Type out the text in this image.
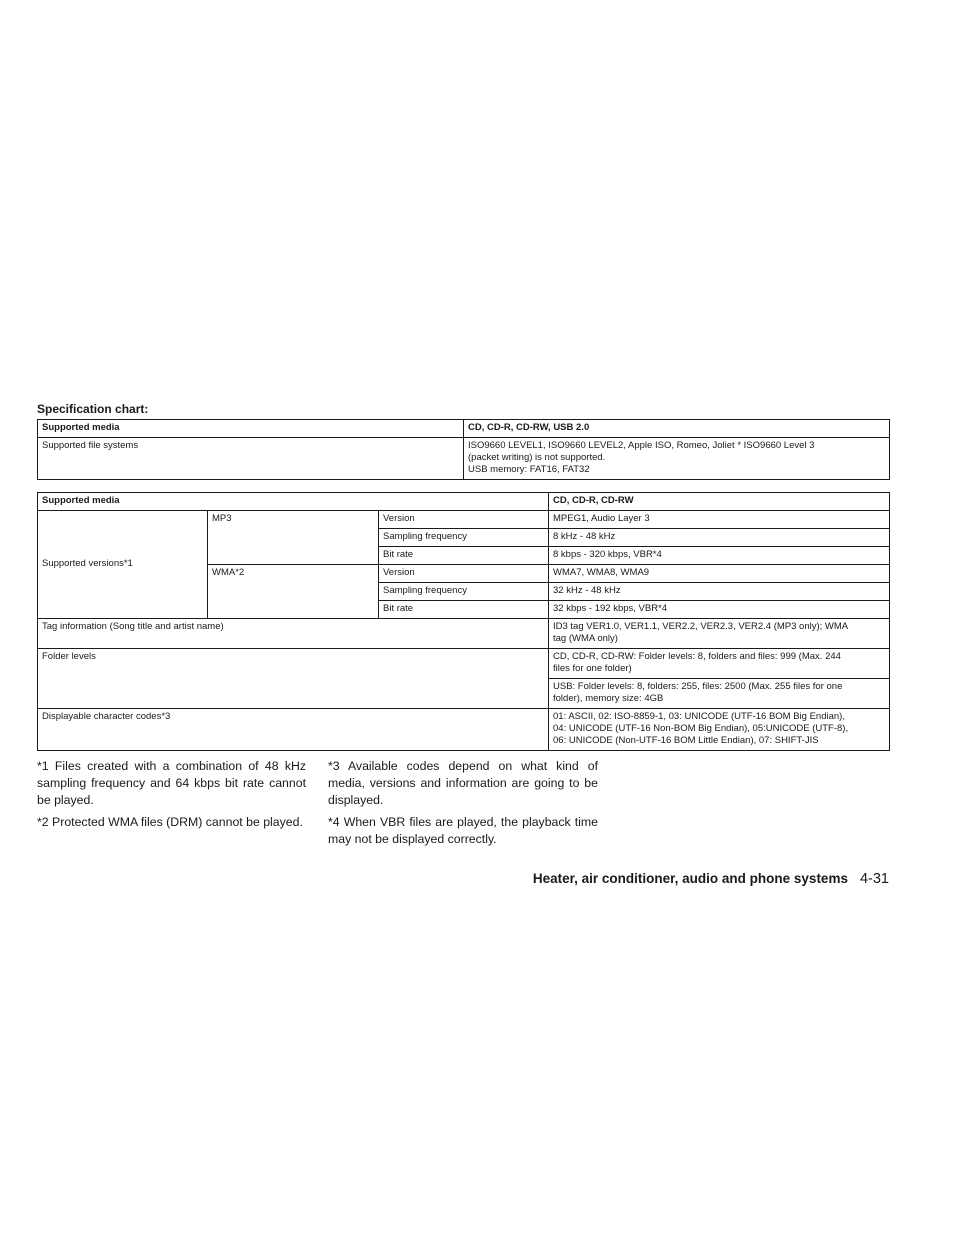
Specification chart:
Supported media	CD, CD-R, CD-RW, USB 2.0
Supported file systems	ISO9660 LEVEL1, ISO9660 LEVEL2, Apple ISO, Romeo, Joliet * ISO9660 Level 3
(packet writing) is not supported.
USB memory: FAT16, FAT32
Supported media			CD, CD-R, CD-RW
Supported versions*1	MP3	Version	MPEG1, Audio Layer 3
		Sampling frequency	8 kHz - 48 kHz
		Bit rate	8 kbps - 320 kbps, VBR*4
	WMA*2	Version	WMA7, WMA8, WMA9
		Sampling frequency	32 kHz - 48 kHz
		Bit rate	32 kbps - 192 kbps, VBR*4
Tag information (Song title and artist name)			ID3 tag VER1.0, VER1.1, VER2.2, VER2.3, VER2.4 (MP3 only); WMA
tag (WMA only)

Folder levels			CD, CD-R, CD-RW: Folder levels: 8, folders and files: 999 (Max. 244
files for one folder)

			USB: Folder levels: 8, folders: 255, files: 2500 (Max. 255 files for one
folder), memory size: 4GB

Displayable character codes*3			01: ASCII, 02: ISO-8859-1, 03: UNICODE (UTF-16 BOM Big Endian),
04: UNICODE (UTF-16 Non-BOM Big Endian), 05:UNICODE (UTF-8),
06: UNICODE (Non-UTF-16 BOM Little Endian), 07: SHIFT-JIS

*1 Files created with a combination of 48 kHz sampling frequency and 64 kbps bit rate cannot be played.

*2 Protected WMA files (DRM) cannot be played.

*3 Available codes depend on what kind of media, versions and information are going to be displayed.

*4 When VBR files are played, the playback time may not be displayed correctly.

Heater, air conditioner, audio and phone systems 4-31
